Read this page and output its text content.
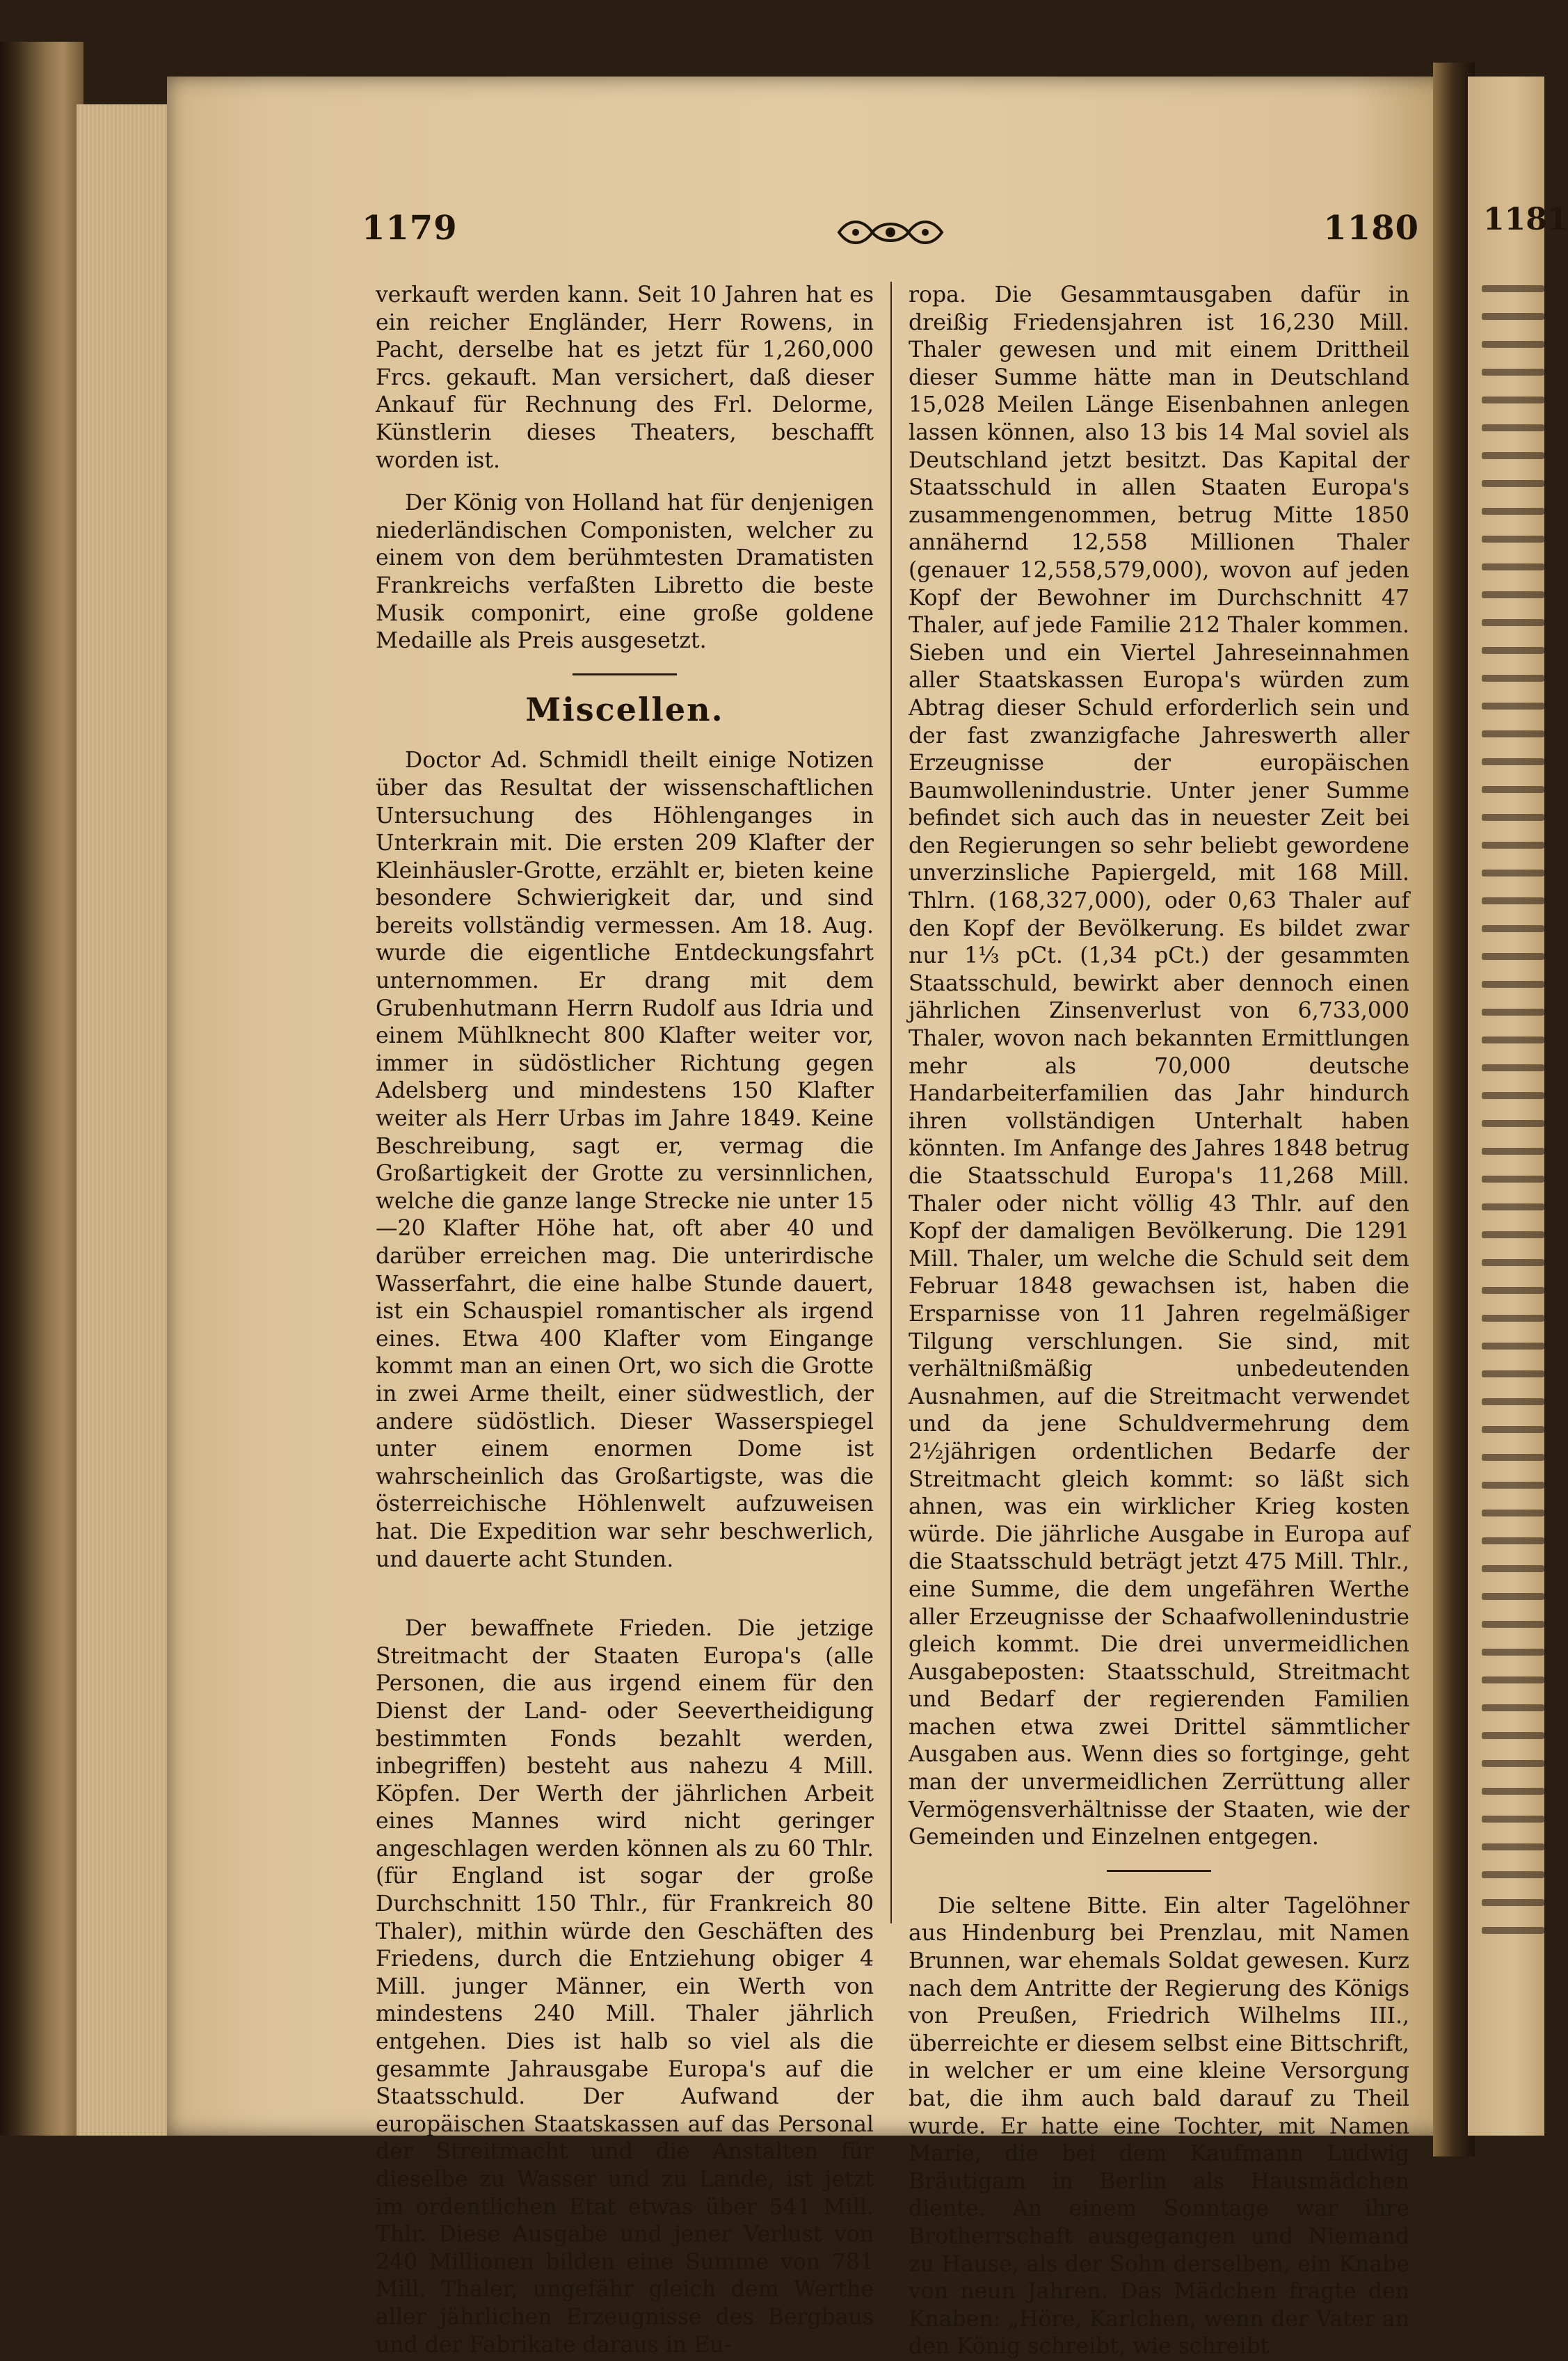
1179	1180

verkauft werden kann. Seit 10 Jahren hat es ein reicher Engländer, Herr Rowens, in Pacht, derselbe hat es jetzt für 1,260,000 Frcs. gekauft. Man versichert, daß dieser Ankauf für Rechnung des Frl. Delorme, Künstlerin dieses Theaters, beschafft worden ist.

Der König von Holland hat für denjenigen niederländischen Componisten, welcher zu einem von dem berühmtesten Dramatisten Frankreichs verfaßten Libretto die beste Musik componirt, eine große goldene Medaille als Preis ausgesetzt.

Miscellen.

Doctor Ad. Schmidl theilt einige Notizen über das Resultat der wissenschaftlichen Untersuchung des Höhlenganges in Unterkrain mit. Die ersten 209 Klafter der Kleinhäusler-Grotte, erzählt er, bieten keine besondere Schwierigkeit dar, und sind bereits vollständig vermessen. Am 18. Aug. wurde die eigentliche Entdeckungsfahrt unternommen. Er drang mit dem Grubenhutmann Herrn Rudolf aus Idria und einem Mühlknecht 800 Klafter weiter vor, immer in südöstlicher Richtung gegen Adelsberg und mindestens 150 Klafter weiter als Herr Urbas im Jahre 1849. Keine Beschreibung, sagt er, vermag die Großartigkeit der Grotte zu versinnlichen, welche die ganze lange Strecke nie unter 15—20 Klafter Höhe hat, oft aber 40 und darüber erreichen mag. Die unterirdische Wasserfahrt, die eine halbe Stunde dauert, ist ein Schauspiel romantischer als irgend eines. Etwa 400 Klafter vom Eingange kommt man an einen Ort, wo sich die Grotte in zwei Arme theilt, einer südwestlich, der andere südöstlich. Dieser Wasserspiegel unter einem enormen Dome ist wahrscheinlich das Großartigste, was die österreichische Höhlenwelt aufzuweisen hat. Die Expedition war sehr beschwerlich, und dauerte acht Stunden.

Der bewaffnete Frieden. Die jetzige Streitmacht der Staaten Europa's (alle Personen, die aus irgend einem für den Dienst der Land- oder Seevertheidigung bestimmten Fonds bezahlt werden, inbegriffen) besteht aus nahezu 4 Mill. Köpfen. Der Werth der jährlichen Arbeit eines Mannes wird nicht geringer angeschlagen werden können als zu 60 Thlr. (für England ist sogar der große Durchschnitt 150 Thlr., für Frankreich 80 Thaler), mithin würde den Geschäften des Friedens, durch die Entziehung obiger 4 Mill. junger Männer, ein Werth von mindestens 240 Mill. Thaler jährlich entgehen. Dies ist halb so viel als die gesammte Jahrausgabe Europa's auf die Staatsschuld. Der Aufwand der europäischen Staatskassen auf das Personal der Streitmacht und die Anstalten für dieselbe zu Wasser und zu Lande, ist jetzt im ordentlichen Etat etwas über 541 Mill. Thlr. Diese Ausgabe und jener Verlust von 240 Millionen bilden eine Summe von 781 Mill. Thaler, ungefähr gleich dem Werthe aller jährlichen Erzeugnisse des Bergbaus und der Fabrikate daraus in Eu-

ropa. Die Gesammtausgaben dafür in dreißig Friedensjahren ist 16,230 Mill. Thaler gewesen und mit einem Drittheil dieser Summe hätte man in Deutschland 15,028 Meilen Länge Eisenbahnen anlegen lassen können, also 13 bis 14 Mal soviel als Deutschland jetzt besitzt. Das Kapital der Staatsschuld in allen Staaten Europa's zusammengenommen, betrug Mitte 1850 annähernd 12,558 Millionen Thaler (genauer 12,558,579,000), wovon auf jeden Kopf der Bewohner im Durchschnitt 47 Thaler, auf jede Familie 212 Thaler kommen. Sieben und ein Viertel Jahreseinnahmen aller Staatskassen Europa's würden zum Abtrag dieser Schuld erforderlich sein und der fast zwanzigfache Jahreswerth aller Erzeugnisse der europäischen Baumwollenindustrie. Unter jener Summe befindet sich auch das in neuester Zeit bei den Regierungen so sehr beliebt gewordene unverzinsliche Papiergeld, mit 168 Mill. Thlrn. (168,327,000), oder 0,63 Thaler auf den Kopf der Bevölkerung. Es bildet zwar nur 1⅓ pCt. (1,34 pCt.) der gesammten Staatsschuld, bewirkt aber dennoch einen jährlichen Zinsenverlust von 6,733,000 Thaler, wovon nach bekannten Ermittlungen mehr als 70,000 deutsche Handarbeiterfamilien das Jahr hindurch ihren vollständigen Unterhalt haben könnten. Im Anfange des Jahres 1848 betrug die Staatsschuld Europa's 11,268 Mill. Thaler oder nicht völlig 43 Thlr. auf den Kopf der damaligen Bevölkerung. Die 1291 Mill. Thaler, um welche die Schuld seit dem Februar 1848 gewachsen ist, haben die Ersparnisse von 11 Jahren regelmäßiger Tilgung verschlungen. Sie sind, mit verhältnißmäßig unbedeutenden Ausnahmen, auf die Streitmacht verwendet und da jene Schuldvermehrung dem 2½jährigen ordentlichen Bedarfe der Streitmacht gleich kommt: so läßt sich ahnen, was ein wirklicher Krieg kosten würde. Die jährliche Ausgabe in Europa auf die Staatsschuld beträgt jetzt 475 Mill. Thlr., eine Summe, die dem ungefähren Werthe aller Erzeugnisse der Schaafwollenindustrie gleich kommt. Die drei unvermeidlichen Ausgabeposten: Staatsschuld, Streitmacht und Bedarf der regierenden Familien machen etwa zwei Drittel sämmtlicher Ausgaben aus. Wenn dies so fortginge, geht man der unvermeidlichen Zerrüttung aller Vermögensverhältnisse der Staaten, wie der Gemeinden und Einzelnen entgegen.

Die seltene Bitte. Ein alter Tagelöhner aus Hindenburg bei Prenzlau, mit Namen Brunnen, war ehemals Soldat gewesen. Kurz nach dem Antritte der Regierung des Königs von Preußen, Friedrich Wilhelms III., überreichte er diesem selbst eine Bittschrift, in welcher er um eine kleine Versorgung bat, die ihm auch bald darauf zu Theil wurde. Er hatte eine Tochter, mit Namen Marie, die bei dem Kaufmann Ludwig Bräutigam in Berlin als Hausmädchen diente. An einem Sonntage war ihre Brotherrschaft ausgegangen und Niemand zu Hause, als der Sohn derselben, ein Knabe von neun Jahren. Das Mädchen fragte den Knaben: „Höre, Karlchen, wenn der Vater an den König schreibt, wie schreibt

1181
